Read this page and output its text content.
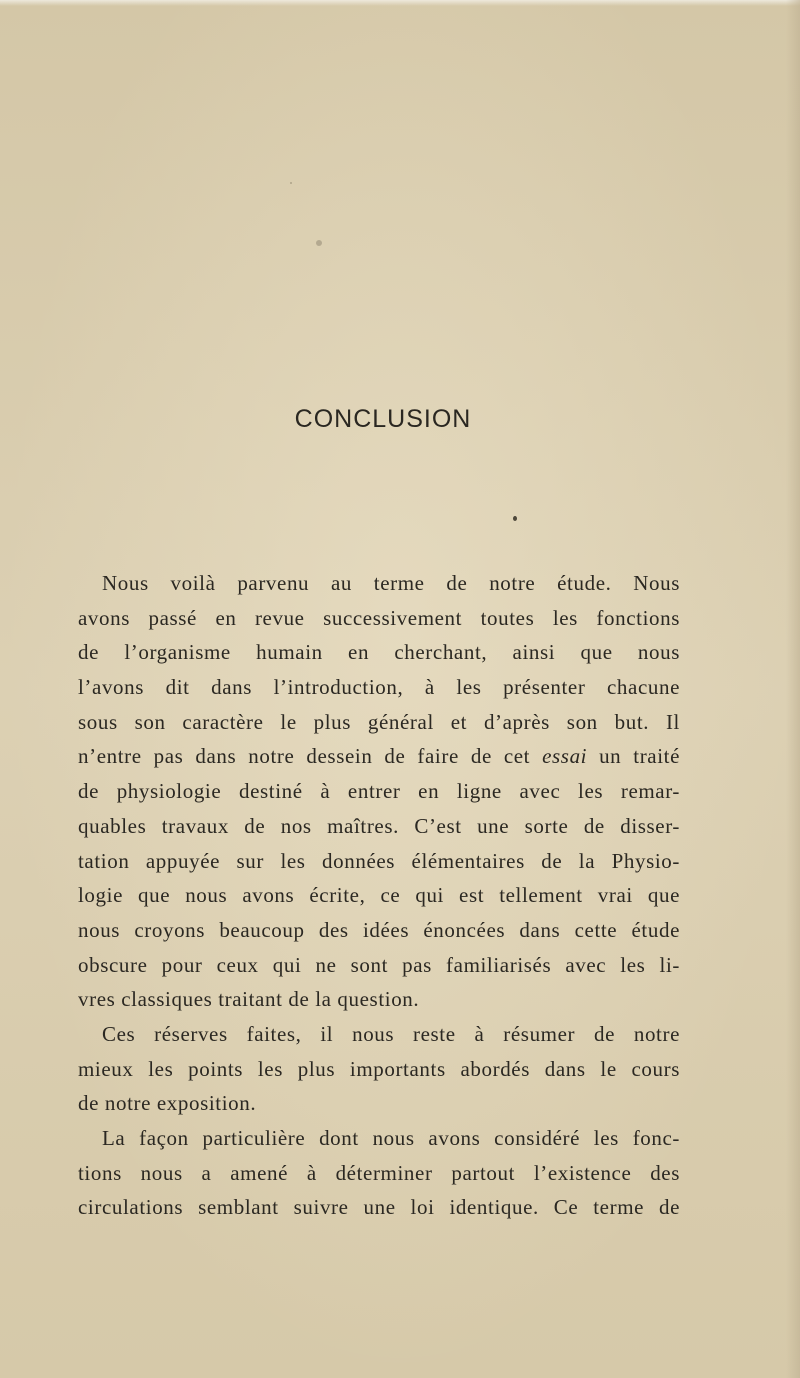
CONCLUSION
Nous voilà parvenu au terme de notre étude. Nous
avons passé en revue successivement toutes les fonctions
de l’organisme humain en cherchant, ainsi que nous
l’avons dit dans l’introduction, à les présenter chacune
sous son caractère le plus général et d’après son but. Il
n’entre pas dans notre dessein de faire de cet essai un traité
de physiologie destiné à entrer en ligne avec les remar-
quables travaux de nos maîtres. C’est une sorte de disser-
tation appuyée sur les données élémentaires de la Physio-
logie que nous avons écrite, ce qui est tellement vrai que
nous croyons beaucoup des idées énoncées dans cette étude
obscure pour ceux qui ne sont pas familiarisés avec les li-
vres classiques traitant de la question.
Ces réserves faites, il nous reste à résumer de notre
mieux les points les plus importants abordés dans le cours
de notre exposition.
La façon particulière dont nous avons considéré les fonc-
tions nous a amené à déterminer partout l’existence des
circulations semblant suivre une loi identique. Ce terme de
